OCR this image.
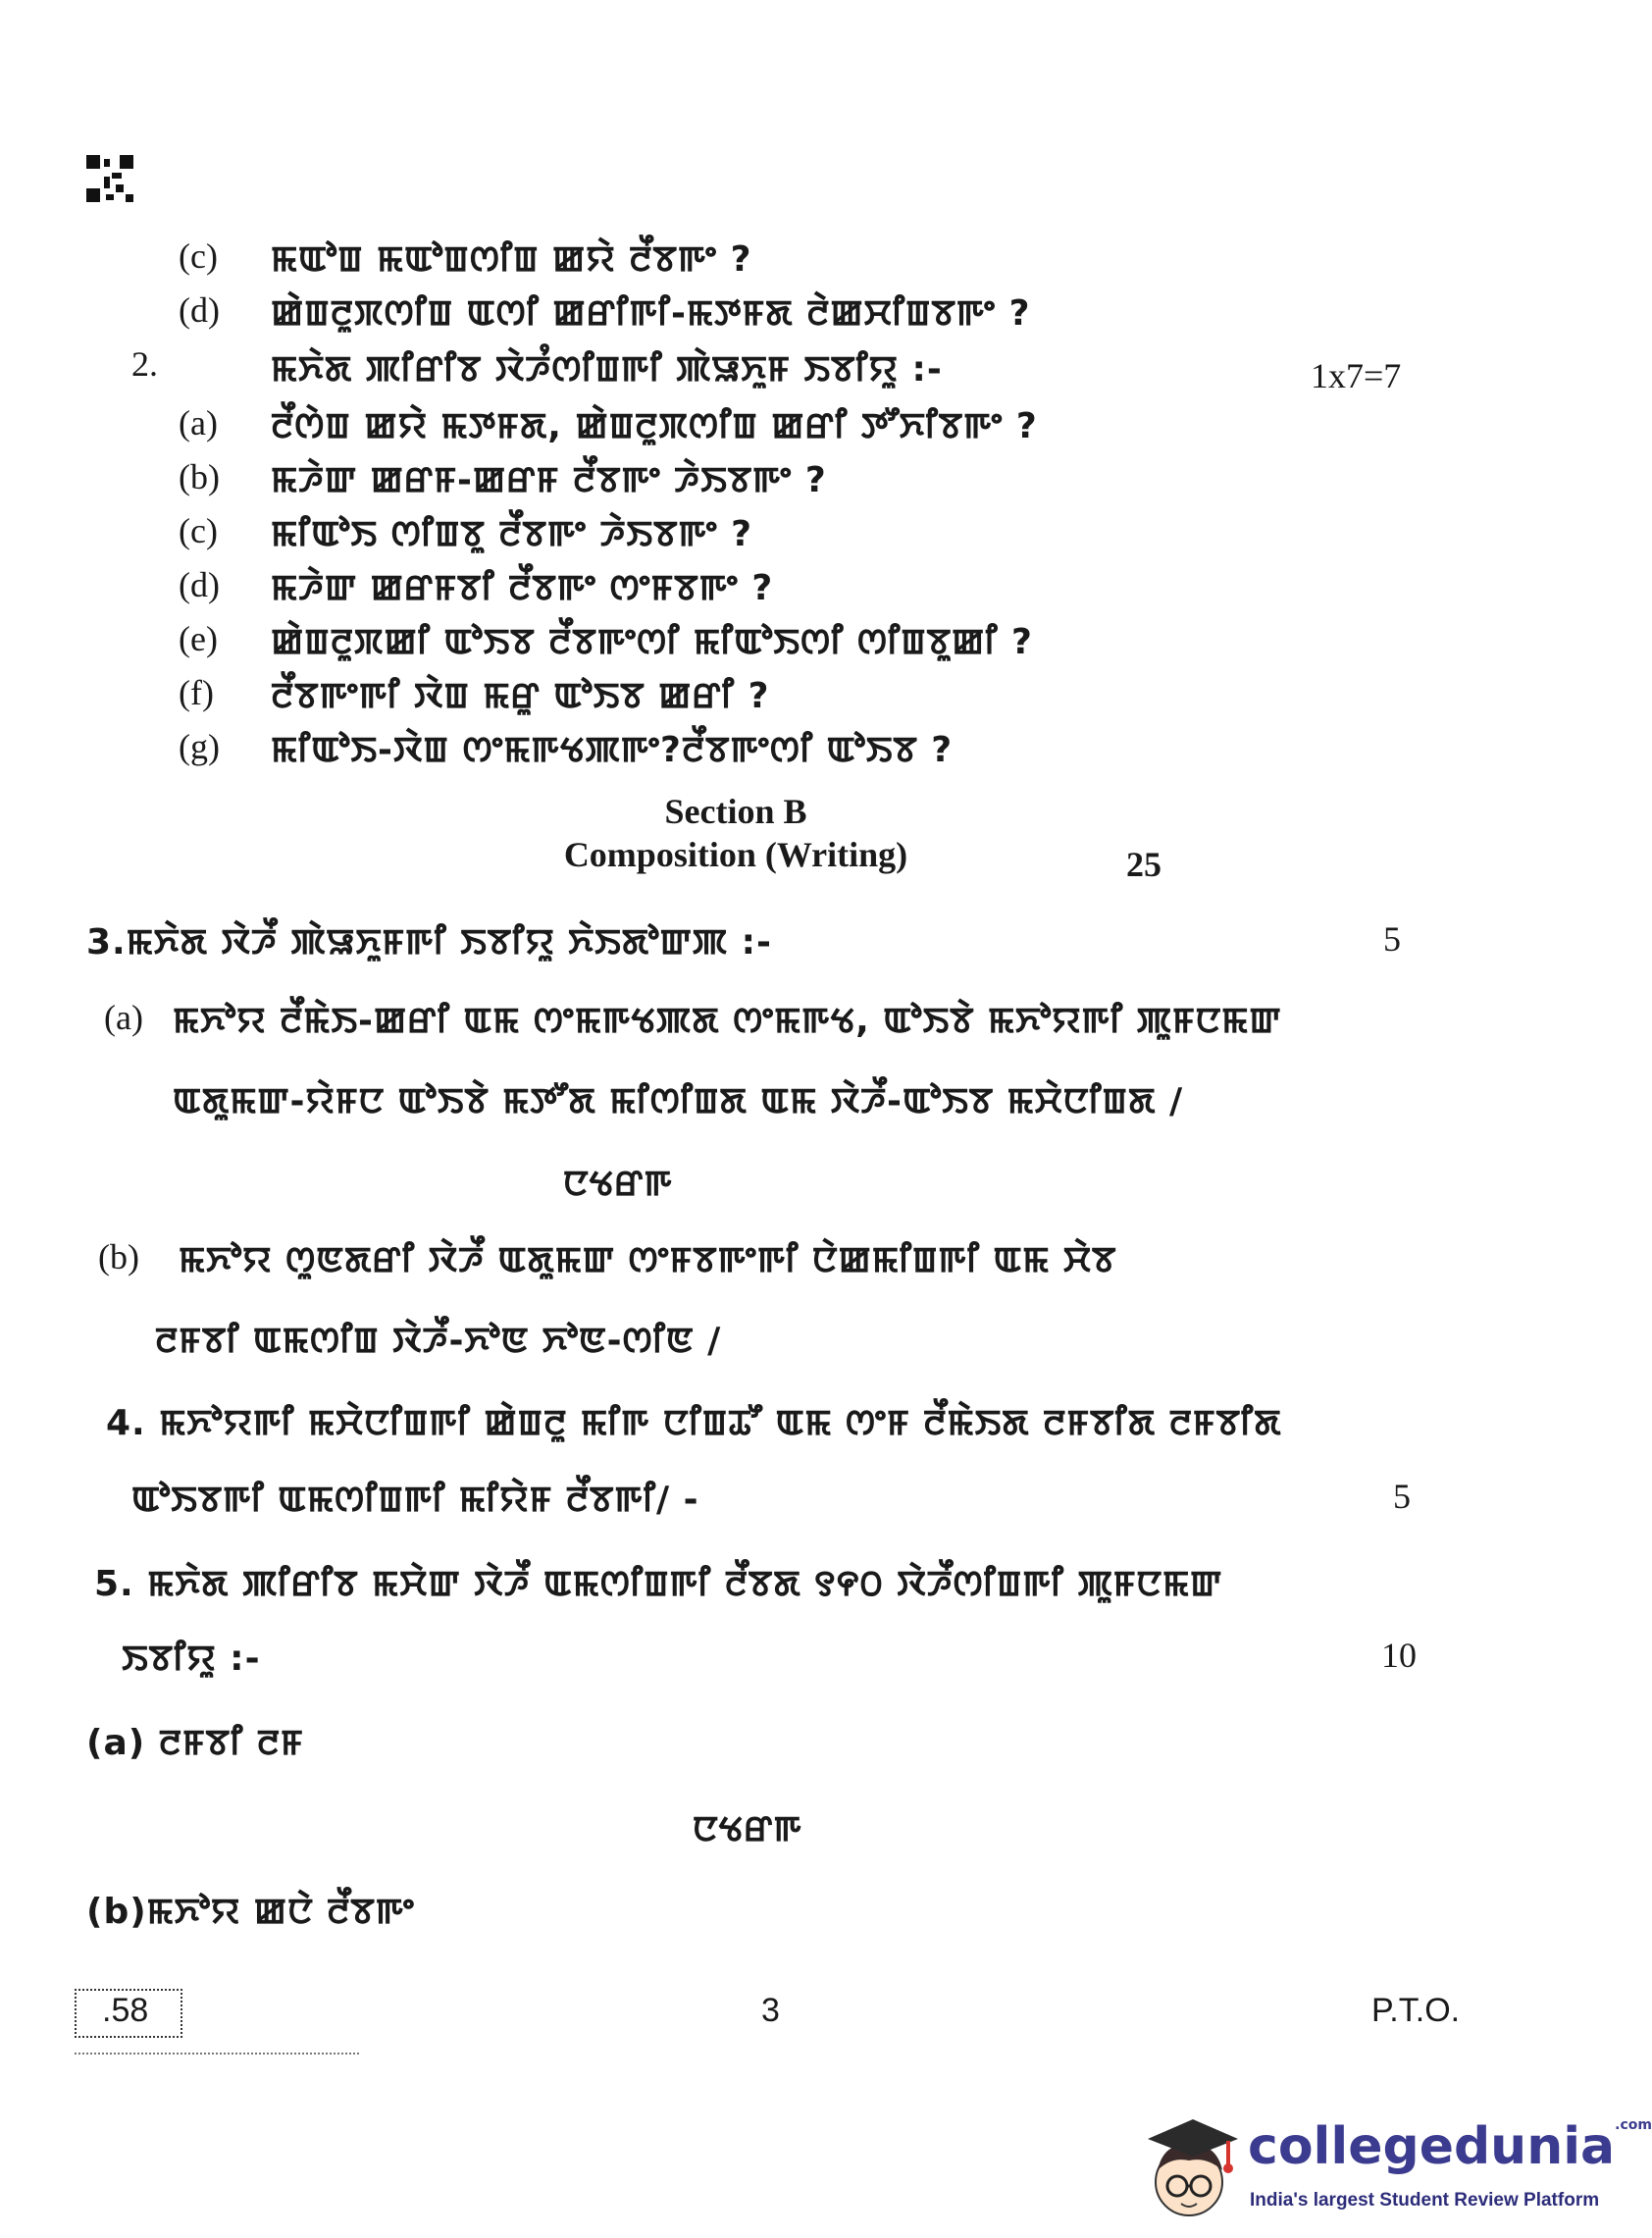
(c) ꯃꯑꯣꯡ ꯃꯑꯣꯡꯁꯤꯡ ꯀꯌꯥ ꯂꯩꯕꯒꯦ ?
(d) ꯀꯥꯡꯂꯨꯞꯁꯤꯡ ꯑꯁꯤ ꯀꯔꯤꯒꯤ-ꯃꯇꯝꯗ ꯂꯥꯀꯆꯤꯡꯕꯒꯦ ?
2.	ꯃꯈꯥꯗ ꯄꯤꯔꯤꯕ ꯋꯥꯍꯪꯁꯤꯡꯒꯤ ꯄꯥꯎꯈꯨꯝ ꯏꯕꯤꯌꯨ :-	1x7=7
(a) ꯂꯩꯁꯥꯡ ꯀꯌꯥ ꯃꯇꯝꯗ, ꯀꯥꯡꯂꯨꯞꯁꯤꯡ ꯀꯔꯤ ꯇꯧꯈꯤꯕꯒꯦ ?
(b) ꯃꯍꯥꯛ ꯀꯔꯝ-ꯀꯔꯝ ꯂꯩꯕꯒꯦ ꯍꯥꯏꯕꯒꯦ ?
(c) ꯃꯤꯑꯣꯏ ꯁꯤꯡꯕꯨ ꯂꯩꯕꯒꯦ ꯍꯥꯏꯕꯒꯦ ?
(d) ꯃꯍꯥꯛ ꯀꯔꯝꯕꯤ ꯂꯩꯕꯒꯦ ꯁꯦꯝꯕꯒꯦ ?
(e) ꯀꯥꯡꯂꯨꯞꯀꯤ ꯑꯣꯏꯕ ꯂꯩꯕꯒꯦꯁꯤ ꯃꯤꯑꯣꯏꯁꯤ ꯁꯤꯡꯕꯨꯀꯤ ?
(f) ꯂꯩꯕꯒꯦꯒꯤ ꯋꯥꯡ ꯃꯔꯨ ꯑꯣꯏꯕ ꯀꯔꯤ ?
(g) ꯃꯤꯑꯣꯏ-ꯋꯥꯡ ꯁꯦꯃꯒꯠꯄꯒꯦ?ꯂꯩꯕꯒꯦꯁꯤ ꯑꯣꯏꯕ ?
Section B
Composition (Writing)	25
3.ꯃꯈꯥꯗ ꯋꯥꯍꯩ ꯄꯥꯎꯈꯨꯝꯒꯤ ꯏꯕꯤꯌꯨ ꯈꯥꯏꯗꯣꯛꯄ :-	5
(a) ꯃꯈꯣꯌ ꯂꯩꯃꯥꯏ-ꯀꯔꯤ ꯑꯃ ꯁꯦꯃꯒꯠꯄꯗ ꯁꯦꯃꯒꯠ, ꯑꯣꯏꯕꯥ ꯃꯈꯣꯌꯒꯤ ꯄꯨꯝꯅꯃꯛ
ꯑꯗꯨꯃꯛ-ꯌꯥꯝꯅ ꯑꯣꯏꯕꯥ ꯃꯇꯧꯗ ꯃꯤꯁꯤꯡꯗ ꯑꯃ ꯋꯥꯍꯩ-ꯑꯣꯏꯕ ꯃꯆꯥꯅꯤꯡꯗ /
ꯅꯠꯔꯒ
(b) ꯃꯈꯣꯌ ꯁꯨꯟꯗꯔꯤ ꯋꯥꯍꯩ ꯑꯗꯨꯃꯛ ꯁꯦꯝꯕꯒꯦꯒꯤ ꯅꯥꯀꯃꯤꯡꯒꯤ ꯑꯃ ꯆꯥꯕ
ꯂꯝꯕꯤ ꯑꯃꯁꯤꯡ ꯋꯥꯍꯩ-ꯈꯣꯟ ꯈꯣꯟ-ꯁꯤꯟ /
4. ꯃꯈꯣꯌꯒꯤ ꯃꯆꯥꯅꯤꯡꯒꯤ ꯀꯥꯡꯂꯨ ꯃꯤꯒ ꯅꯤꯡꯊꯧ ꯑꯃ ꯁꯦꯝ ꯂꯩꯃꯥꯏꯗ ꯂꯝꯕꯤꯗ ꯂꯝꯕꯤꯗ
ꯑꯣꯏꯕꯒꯤ ꯑꯃꯁꯤꯡꯒꯤ ꯃꯤꯌꯥꯝ ꯂꯩꯕꯒꯤ/ -	5
5. ꯃꯈꯥꯗ ꯄꯤꯔꯤꯕ ꯃꯆꯥꯛ ꯋꯥꯍꯩ ꯑꯃꯁꯤꯡꯒꯤ ꯂꯩꯕꯗ ꯱꯵꯰ ꯋꯥꯍꯩꯁꯤꯡꯒꯤ ꯄꯨꯝꯅꯃꯛ
ꯏꯕꯤꯌꯨ :-	10
(a) ꯂꯝꯕꯤ ꯂꯝ
ꯅꯠꯔꯒ
(b)ꯃꯈꯣꯌ ꯀꯅꯥ ꯂꯩꯕꯒꯦ
.58	3	P.T.O.
collegedunia$^{.com}$
India's largest Student Review Platform
